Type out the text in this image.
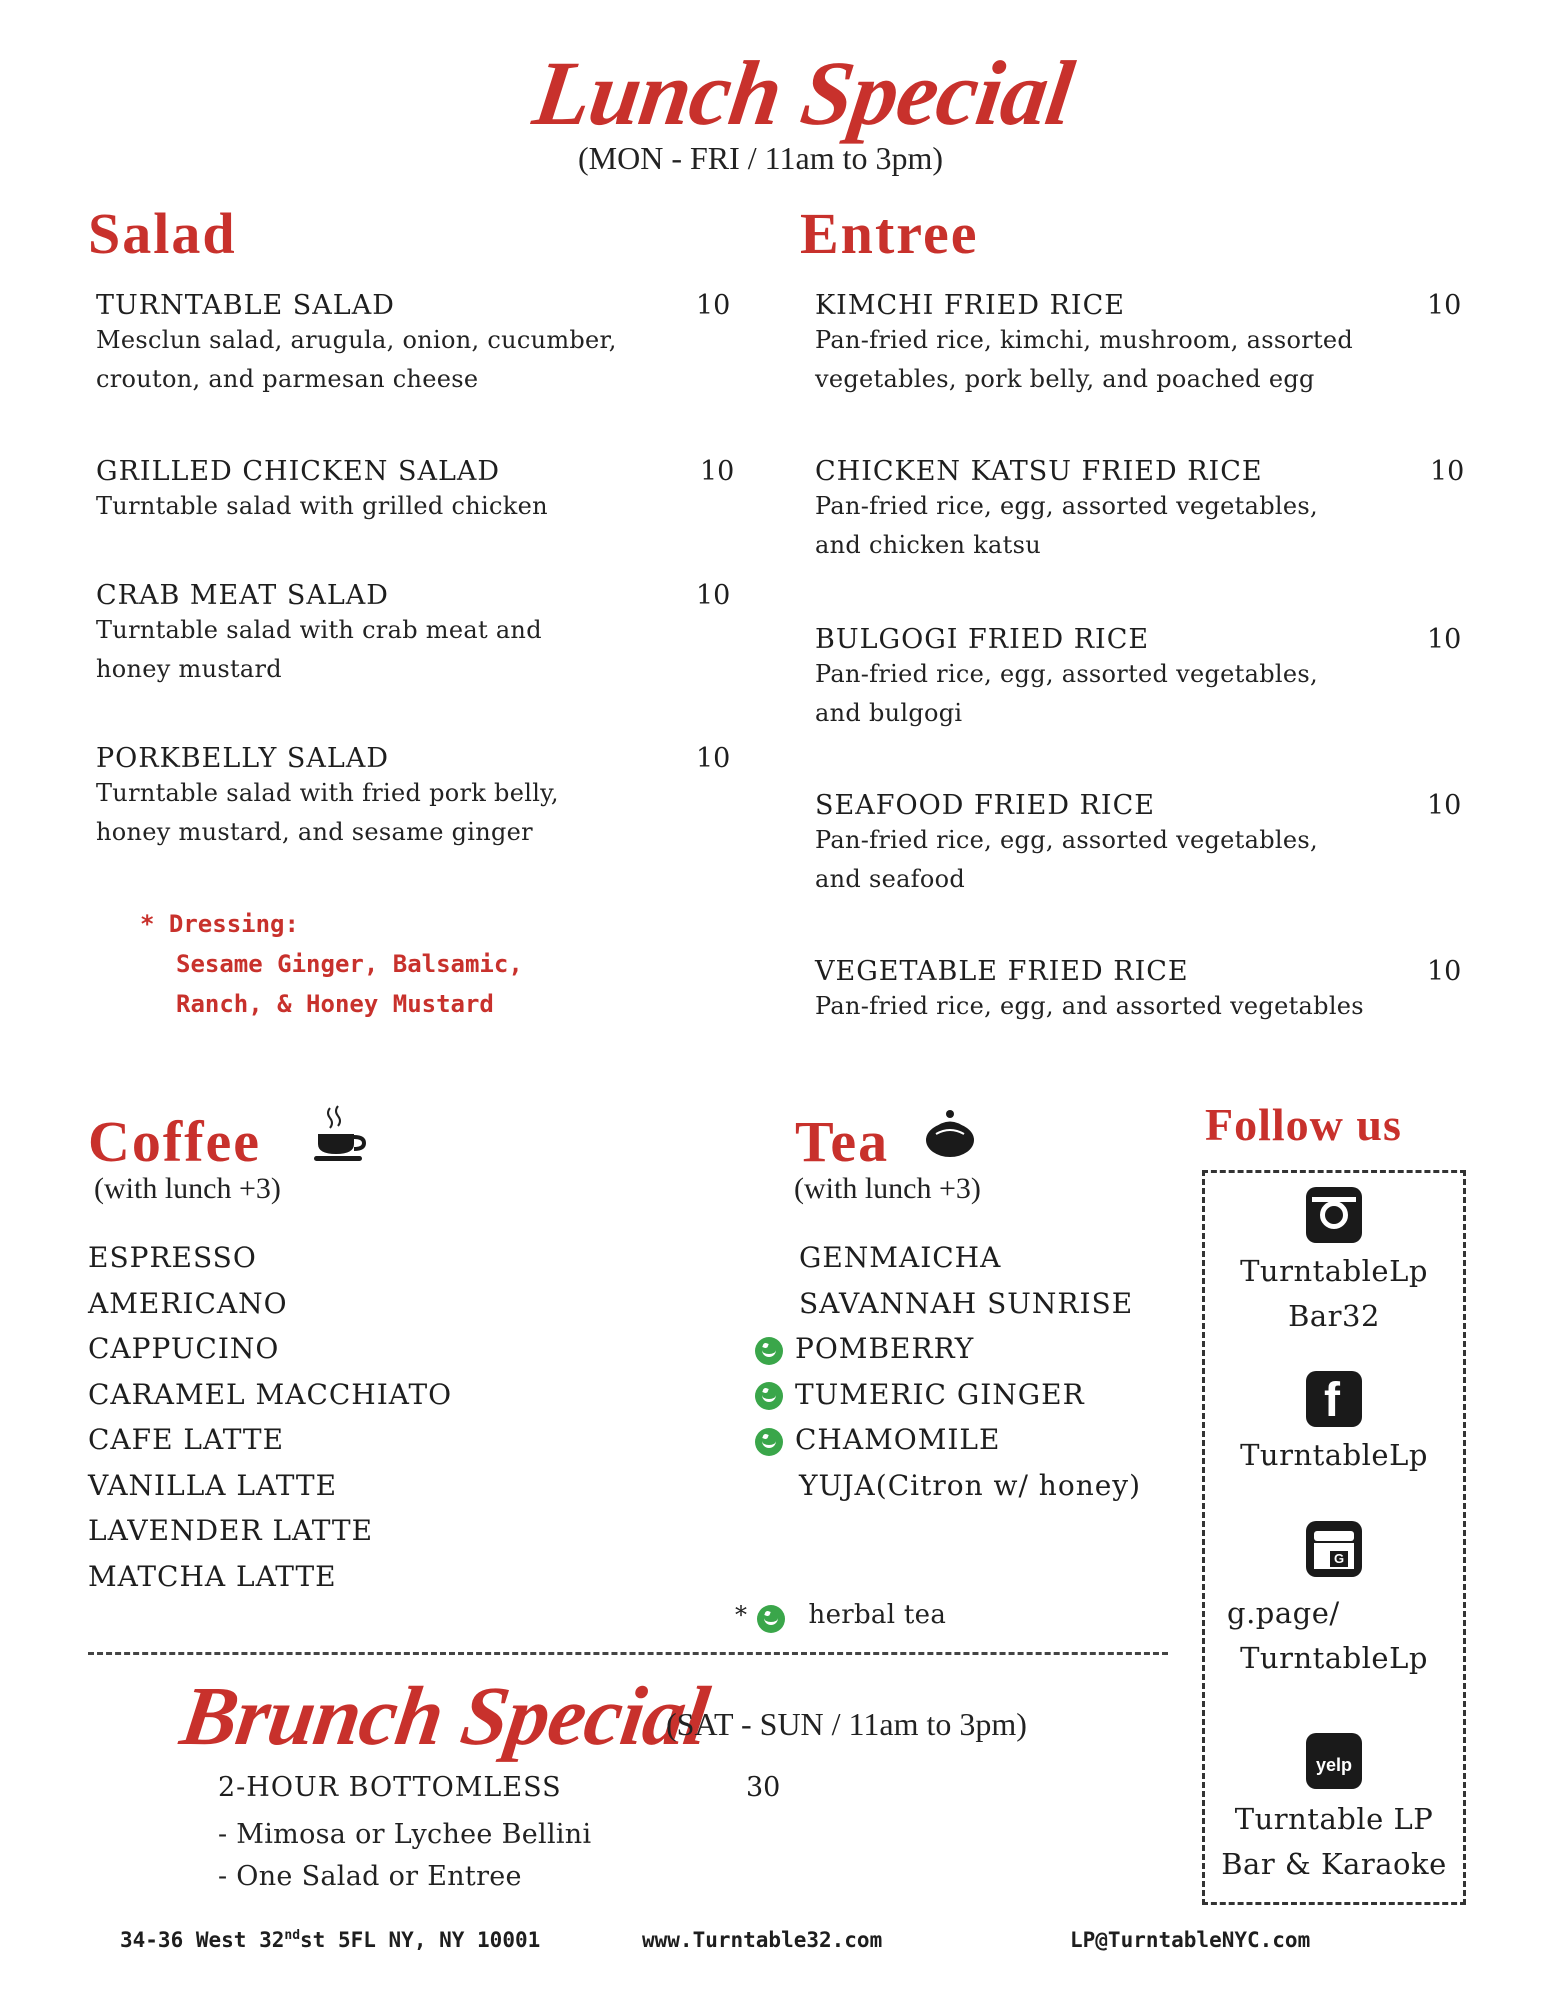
Lunch Special
(MON - FRI / 11am to 3pm)
Salad
TURNTABLE SALAD	10
Mesclun salad, arugula, onion, cucumber,
crouton, and parmesan cheese
GRILLED CHICKEN SALAD	10
Turntable salad with grilled chicken
CRAB MEAT SALAD	10
Turntable salad with crab meat and
honey mustard
PORKBELLY SALAD	10
Turntable salad with fried pork belly,
honey mustard, and sesame ginger
* Dressing:
Sesame Ginger, Balsamic,
Ranch, & Honey Mustard
Entree
KIMCHI FRIED RICE	10
Pan-fried rice, kimchi, mushroom, assorted
vegetables, pork belly, and poached egg
CHICKEN KATSU FRIED RICE	10
Pan-fried rice, egg, assorted vegetables,
and chicken katsu
BULGOGI FRIED RICE	10
Pan-fried rice, egg, assorted vegetables,
and bulgogi
SEAFOOD FRIED RICE	10
Pan-fried rice, egg, assorted vegetables,
and seafood
VEGETABLE FRIED RICE	10
Pan-fried rice, egg, and assorted vegetables
Coffee
(with lunch +3)
ESPRESSO
AMERICANO
CAPPUCINO
CARAMEL MACCHIATO
CAFE LATTE
VANILLA LATTE
LAVENDER LATTE
MATCHA LATTE
Tea
(with lunch +3)
GENMAICHA
SAVANNAH SUNRISE
POMBERRY
TUMERIC GINGER
CHAMOMILE
YUJA(Citron w/ honey)
* herbal tea
Follow us
TurntableLp
Bar32
f
TurntableLp
G
g.page/
TurntableLp
yelp
Turntable LP
Bar & Karaoke
Brunch Special
(SAT - SUN / 11am to 3pm)
2-HOUR BOTTOMLESS	30
- Mimosa or Lychee Bellini
- One Salad or Entree
34-36 West 32ndst 5FL NY, NY 10001	www.Turntable32.com	LP@TurntableNYC.com
